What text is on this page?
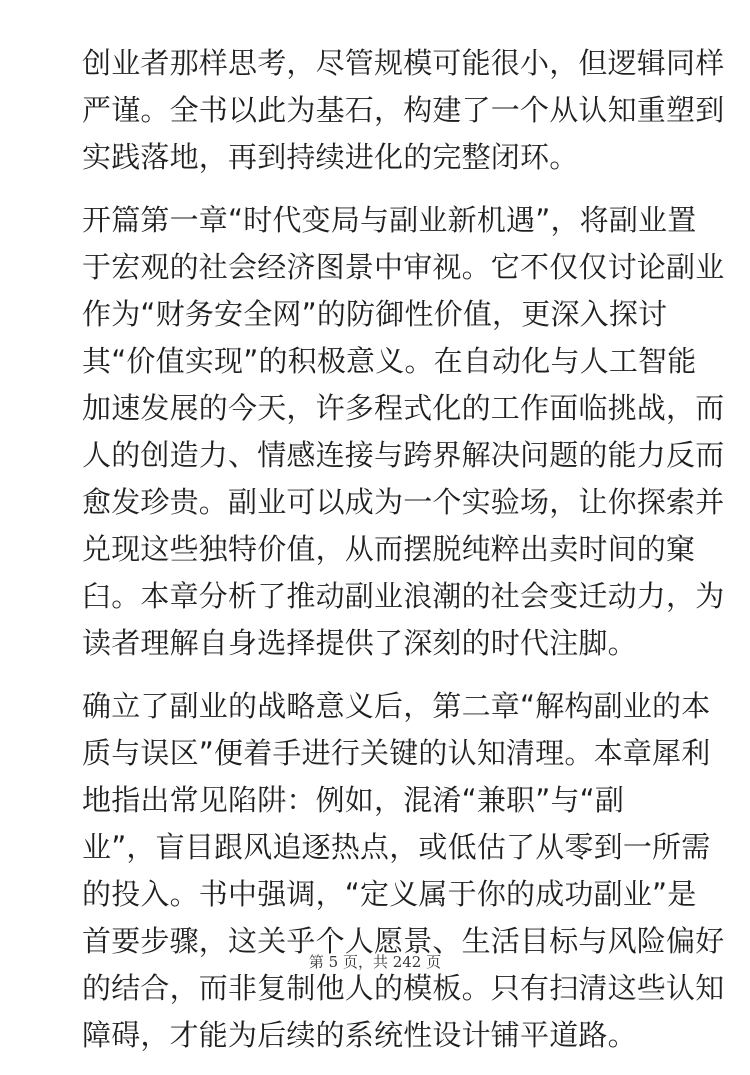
创业者那样思考，尽管规模可能很小，但逻辑同样
严谨。全书以此为基石，构建了一个从认知重塑到
实践落地，再到持续进化的完整闭环。
开篇第一章“时代变局与副业新机遇”，将副业置
于宏观的社会经济图景中审视。它不仅仅讨论副业
作为“财务安全网”的防御性价值，更深入探讨
其“价值实现”的积极意义。在自动化与人工智能
加速发展的今天，许多程式化的工作面临挑战，而
人的创造力、情感连接与跨界解决问题的能力反而
愈发珍贵。副业可以成为一个实验场，让你探索并
兑现这些独特价值，从而摆脱纯粹出卖时间的窠
臼。本章分析了推动副业浪潮的社会变迁动力，为
读者理解自身选择提供了深刻的时代注脚。
确立了副业的战略意义后，第二章“解构副业的本
质与误区”便着手进行关键的认知清理。本章犀利
地指出常见陷阱：例如，混淆“兼职”与“副
业”，盲目跟风追逐热点，或低估了从零到一所需
的投入。书中强调，“定义属于你的成功副业”是
首要步骤，这关乎个人愿景、生活目标与风险偏好
的结合，而非复制他人的模板。只有扫清这些认知
障碍，才能为后续的系统性设计铺平道路。
第 5 页，共 242 页
